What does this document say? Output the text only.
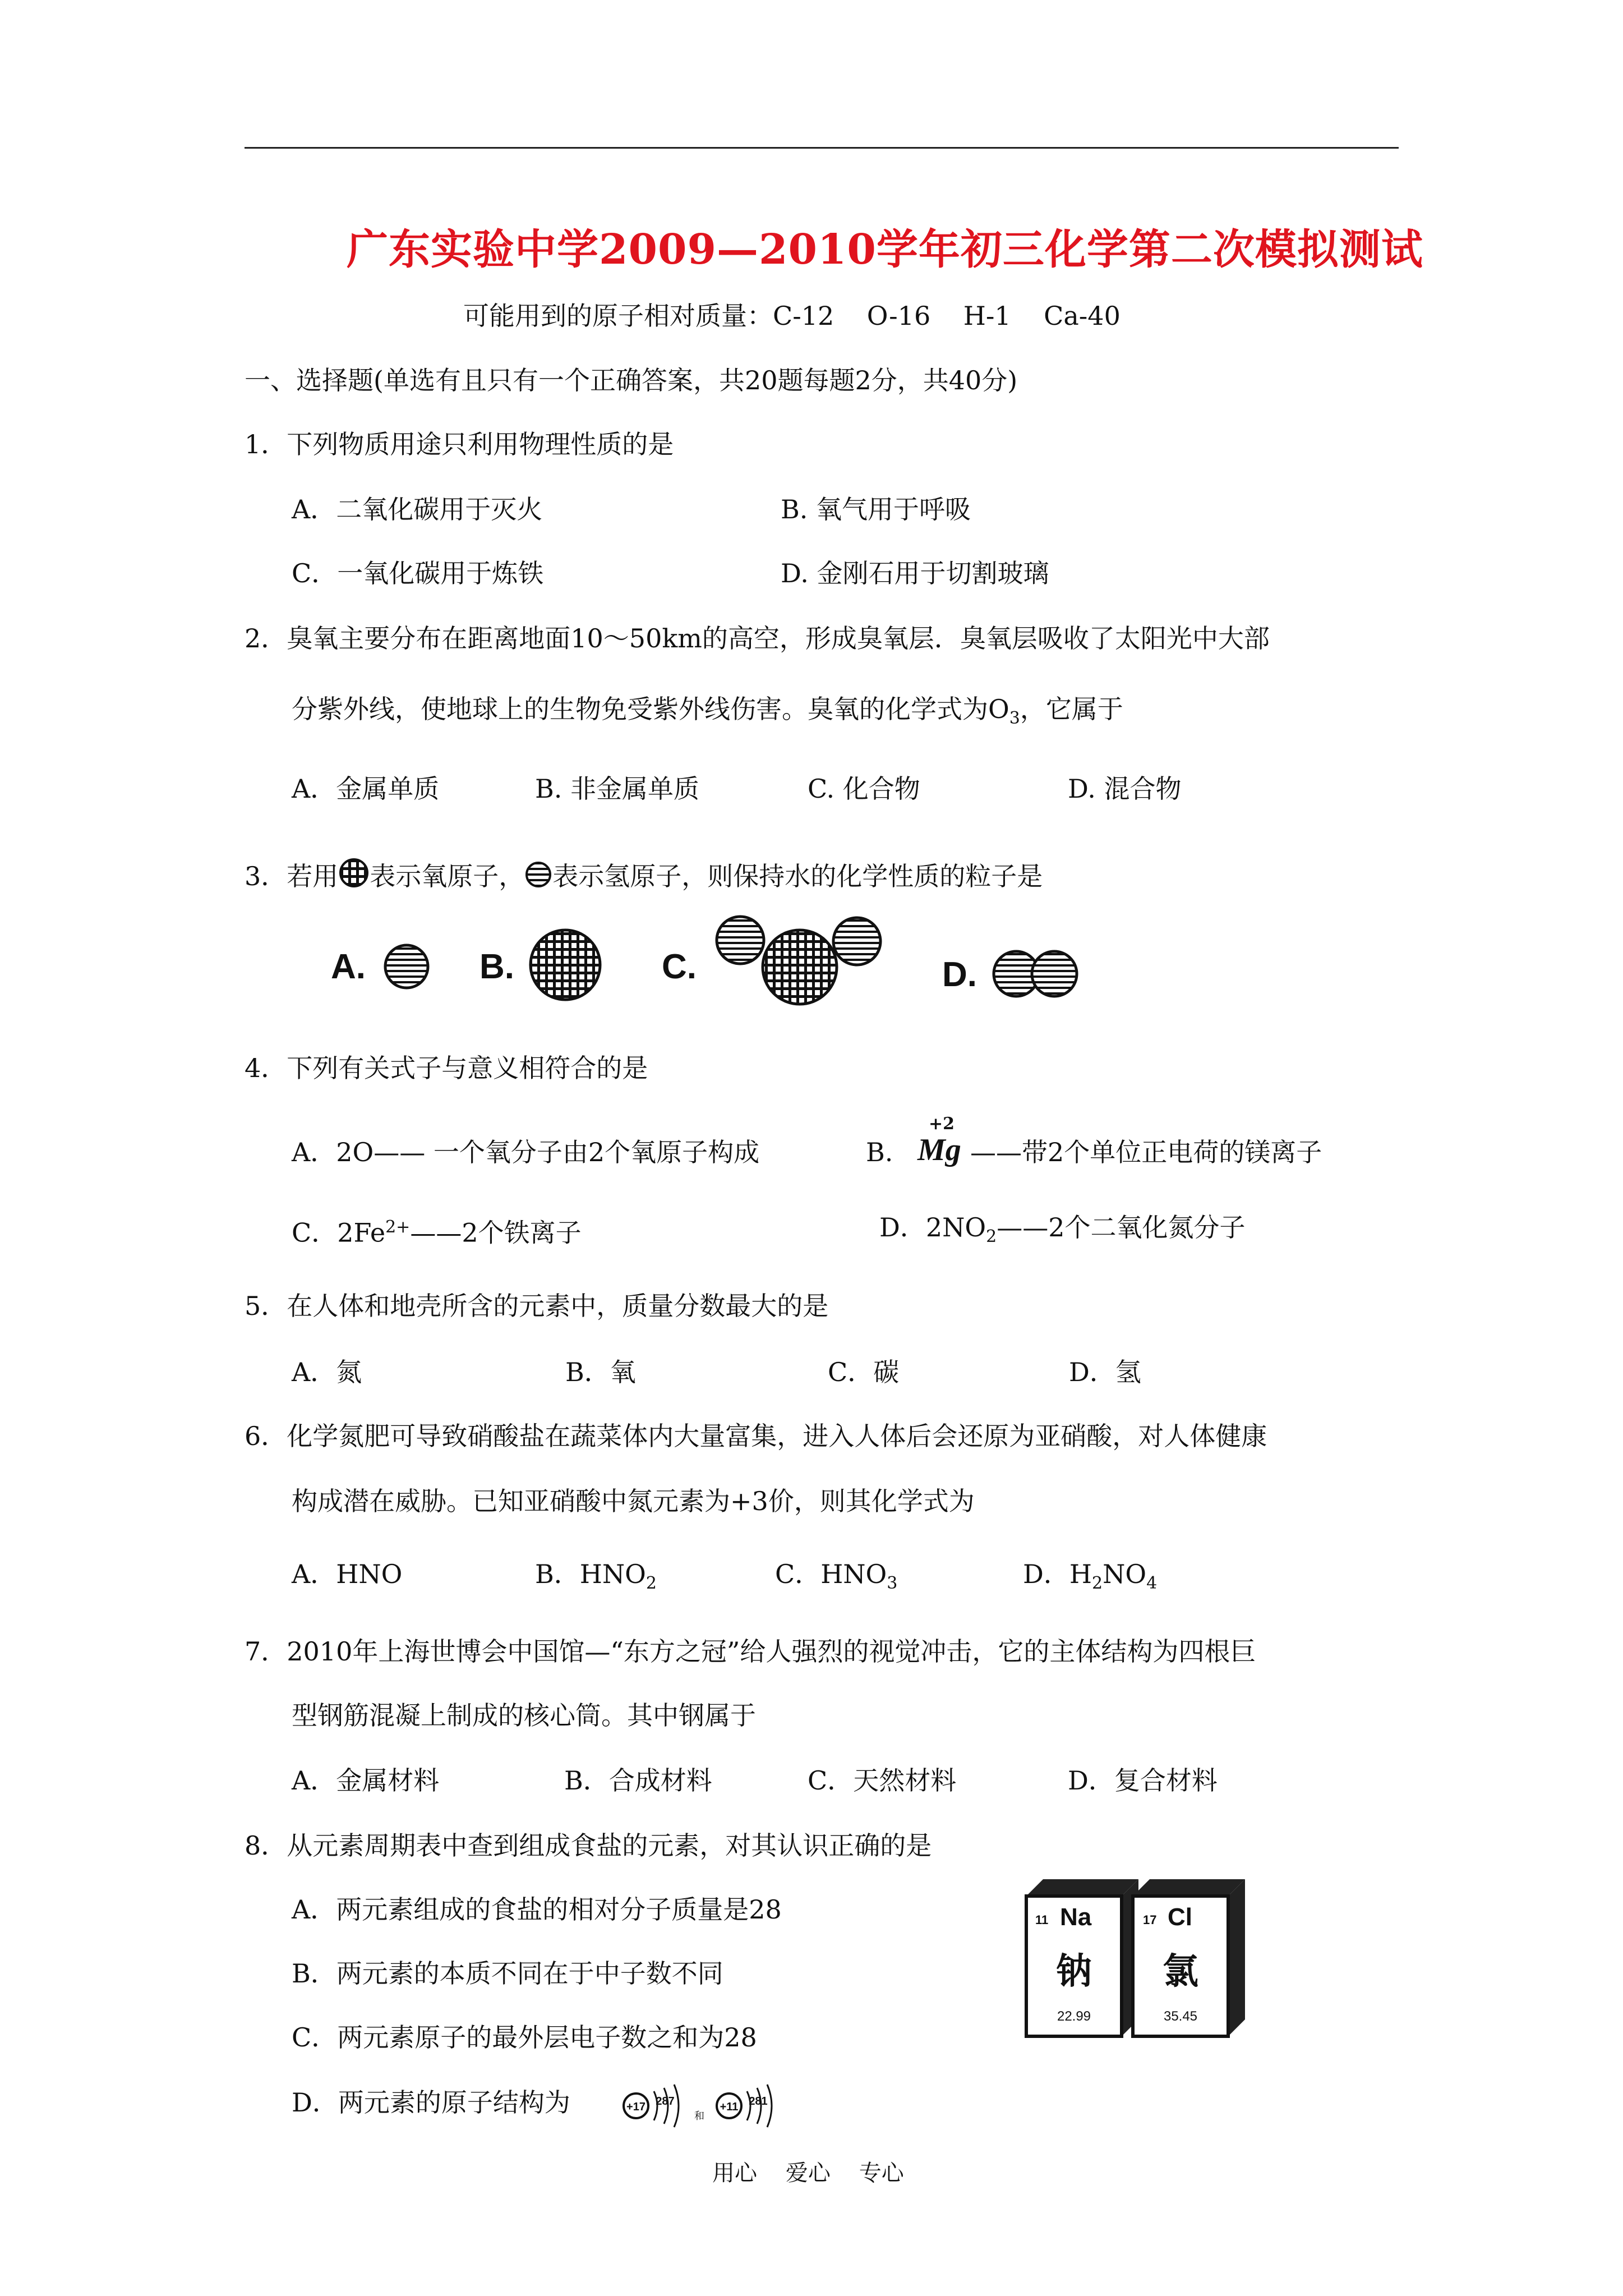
广东实验中学2009—2010学年初三化学第二次模拟测试
可能用到的原子相对质量：C-12    O-16    H-1    Ca-40
一、选择题(单选有且只有一个正确答案，共20题每题2分，共40分)
1．下列物质用途只利用物理性质的是
A．二氧化碳用于灭火	B. 氧气用于呼吸
C．一氧化碳用于炼铁	D. 金刚石用于切割玻璃
2．臭氧主要分布在距离地面10～50km的高空，形成臭氧层．臭氧层吸收了太阳光中大部
分紫外线，使地球上的生物免受紫外线伤害。臭氧的化学式为$O_3$，它属于
A．金属单质	B. 非金属单质	C. 化合物	D. 混合物
3．若用 表示氧原子， 表示氢原子，则保持水的化学性质的粒子是
A.	B.	C.	D.
4．下列有关式子与意义相符合的是
A．2O—— 一个氧分子由2个氧原子构成	B.
+2
Mg ——带2个单位正电荷的镁离子
C．$2Fe^{2+}——2$个铁离子	D．$2NO_2——2$个二氧化氮分子
5．在人体和地壳所含的元素中，质量分数最大的是
A．氮	B．氧	C．碳	D．氢
6．化学氮肥可导致硝酸盐在蔬菜体内大量富集，进入人体后会还原为亚硝酸，对人体健康
构成潜在威胁。已知亚硝酸中氮元素为+3价，则其化学式为
A．HNO	B．$HNO_2$	C．$HNO_3$	D．$H_2NO_4$
7．2010年上海世博会中国馆—“东方之冠”给人强烈的视觉冲击，它的主体结构为四根巨
型钢筋混凝上制成的核心筒。其中钢属于
A．金属材料	B．合成材料	C．天然材料	D．复合材料
8．从元素周期表中查到组成食盐的元素，对其认识正确的是
A．两元素组成的食盐的相对分子质量是28
B．两元素的本质不同在于中子数不同
C．两元素原子的最外层电子数之和为28
D．两元素的原子结构为
11 Na
钠
22.99
17 Cl
氯
35.45
+17 287
和
+11 281
用心    爱心    专心
